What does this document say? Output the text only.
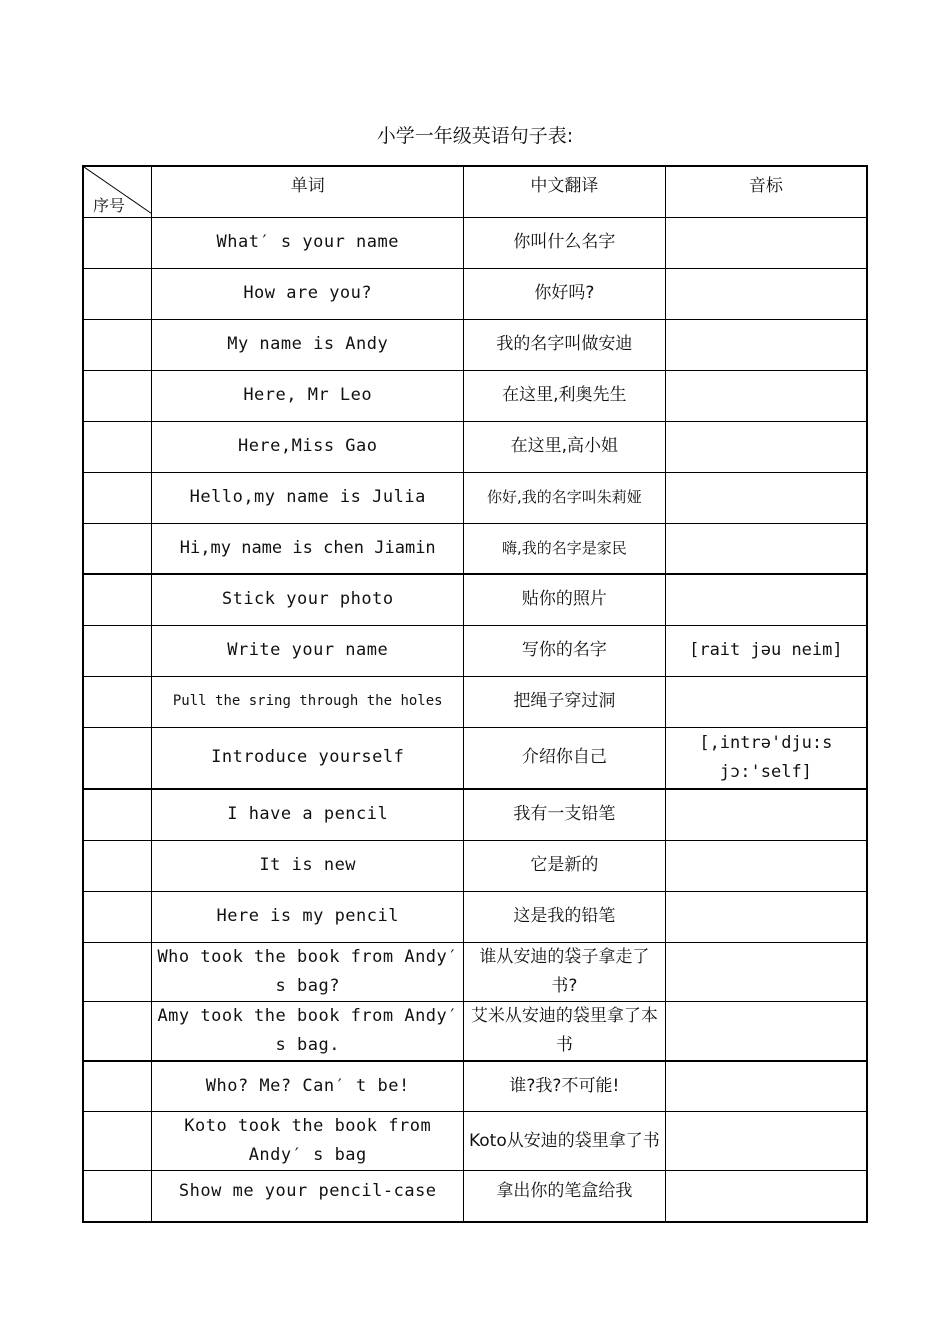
小学一年级英语句子表:
序号	单词	中文翻译	音标
	What′ s your name	你叫什么名字	
	How are you?	你好吗?	
	My name is Andy	我的名字叫做安迪	
	Here, Mr Leo	在这里,利奥先生	
	Here,Miss Gao	在这里,高小姐	
	Hello,my name is Julia	你好,我的名字叫朱莉娅	
	Hi,my name is chen Jiamin	嗨,我的名字是家民	
	Stick your photo	贴你的照片	
	Write your name	写你的名字	[rait jəu neim]
	Pull the sring through the holes	把绳子穿过洞	
	Introduce yourself	介绍你自己	[,intrə'dju:s jɔ:'self]
	I have a pencil	我有一支铅笔	
	It is new	它是新的	
	Here is my pencil	这是我的铅笔	
	Who took the book from Andy′ s bag?	谁从安迪的袋子拿走了书?	
	Amy took the book from Andy′ s bag.	艾米从安迪的袋里拿了本书	
	Who? Me? Can′ t be!	谁?我?不可能!	
	Koto took the book from Andy′ s bag	Koto从安迪的袋里拿了书	
	Show me your pencil-case	拿出你的笔盒给我	
